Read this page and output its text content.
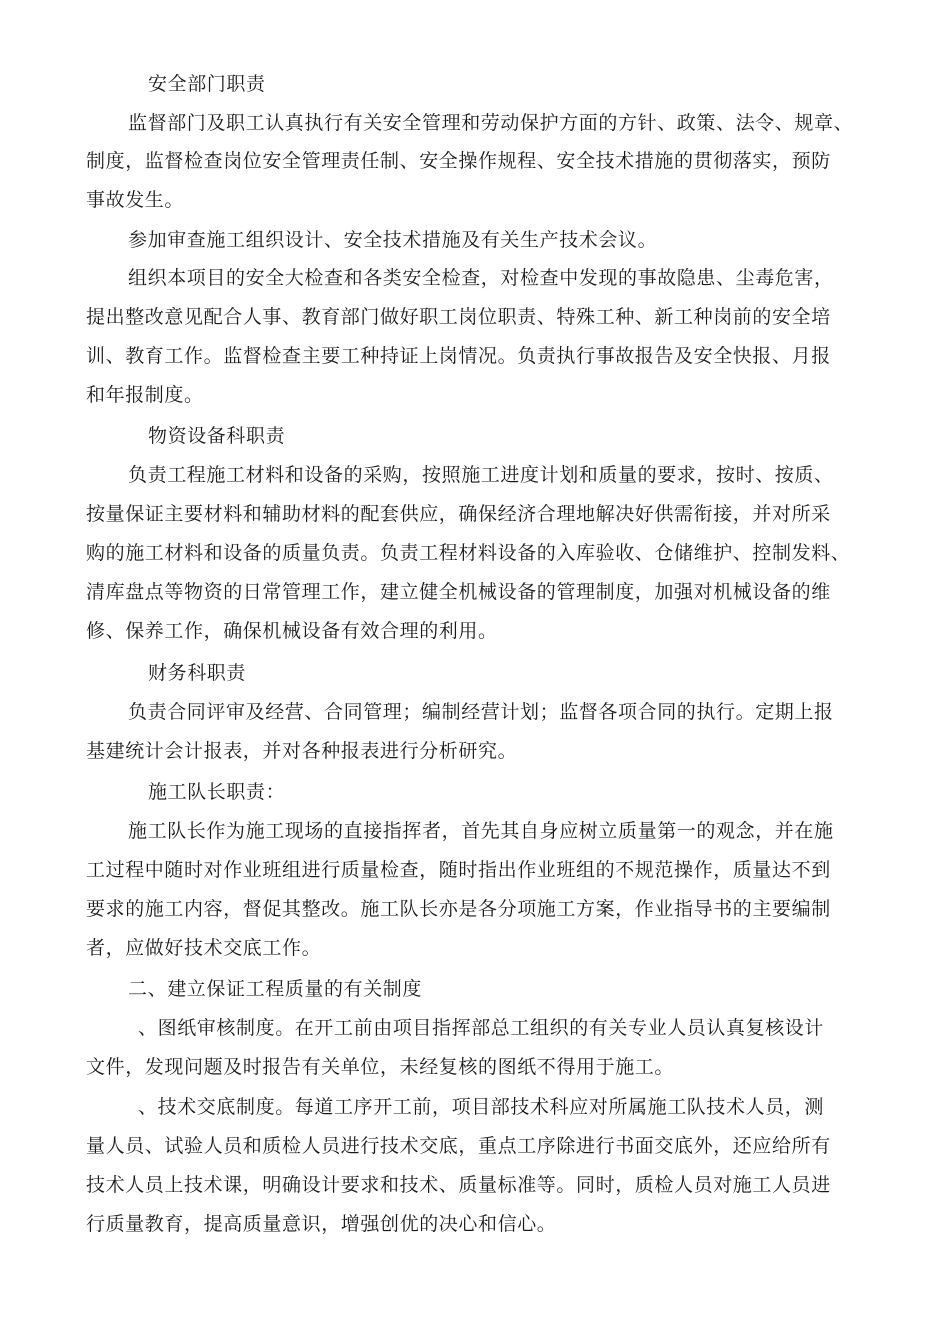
安全部门职责
监督部门及职工认真执行有关安全管理和劳动保护方面的方针、政策、法令、规章、
制度，监督检查岗位安全管理责任制、安全操作规程、安全技术措施的贯彻落实，预防
事故发生。
参加审查施工组织设计、安全技术措施及有关生产技术会议。
组织本项目的安全大检查和各类安全检查，对检查中发现的事故隐患、尘毒危害，
提出整改意见配合人事、教育部门做好职工岗位职责、特殊工种、新工种岗前的安全培
训、教育工作。监督检查主要工种持证上岗情况。负责执行事故报告及安全快报、月报
和年报制度。
物资设备科职责
负责工程施工材料和设备的采购，按照施工进度计划和质量的要求，按时、按质、
按量保证主要材料和辅助材料的配套供应，确保经济合理地解决好供需衔接，并对所采
购的施工材料和设备的质量负责。负责工程材料设备的入库验收、仓储维护、控制发料、
清库盘点等物资的日常管理工作，建立健全机械设备的管理制度，加强对机械设备的维
修、保养工作，确保机械设备有效合理的利用。
财务科职责
负责合同评审及经营、合同管理；编制经营计划；监督各项合同的执行。定期上报
基建统计会计报表，并对各种报表进行分析研究。
施工队长职责：
施工队长作为施工现场的直接指挥者，首先其自身应树立质量第一的观念，并在施
工过程中随时对作业班组进行质量检查，随时指出作业班组的不规范操作，质量达不到
要求的施工内容，督促其整改。施工队长亦是各分项施工方案，作业指导书的主要编制
者，应做好技术交底工作。
二、建立保证工程质量的有关制度
、图纸审核制度。在开工前由项目指挥部总工组织的有关专业人员认真复核设计
文件，发现问题及时报告有关单位，未经复核的图纸不得用于施工。
、技术交底制度。每道工序开工前，项目部技术科应对所属施工队技术人员，测
量人员、试验人员和质检人员进行技术交底，重点工序除进行书面交底外，还应给所有
技术人员上技术课，明确设计要求和技术、质量标准等。同时，质检人员对施工人员进
行质量教育，提高质量意识，增强创优的决心和信心。
